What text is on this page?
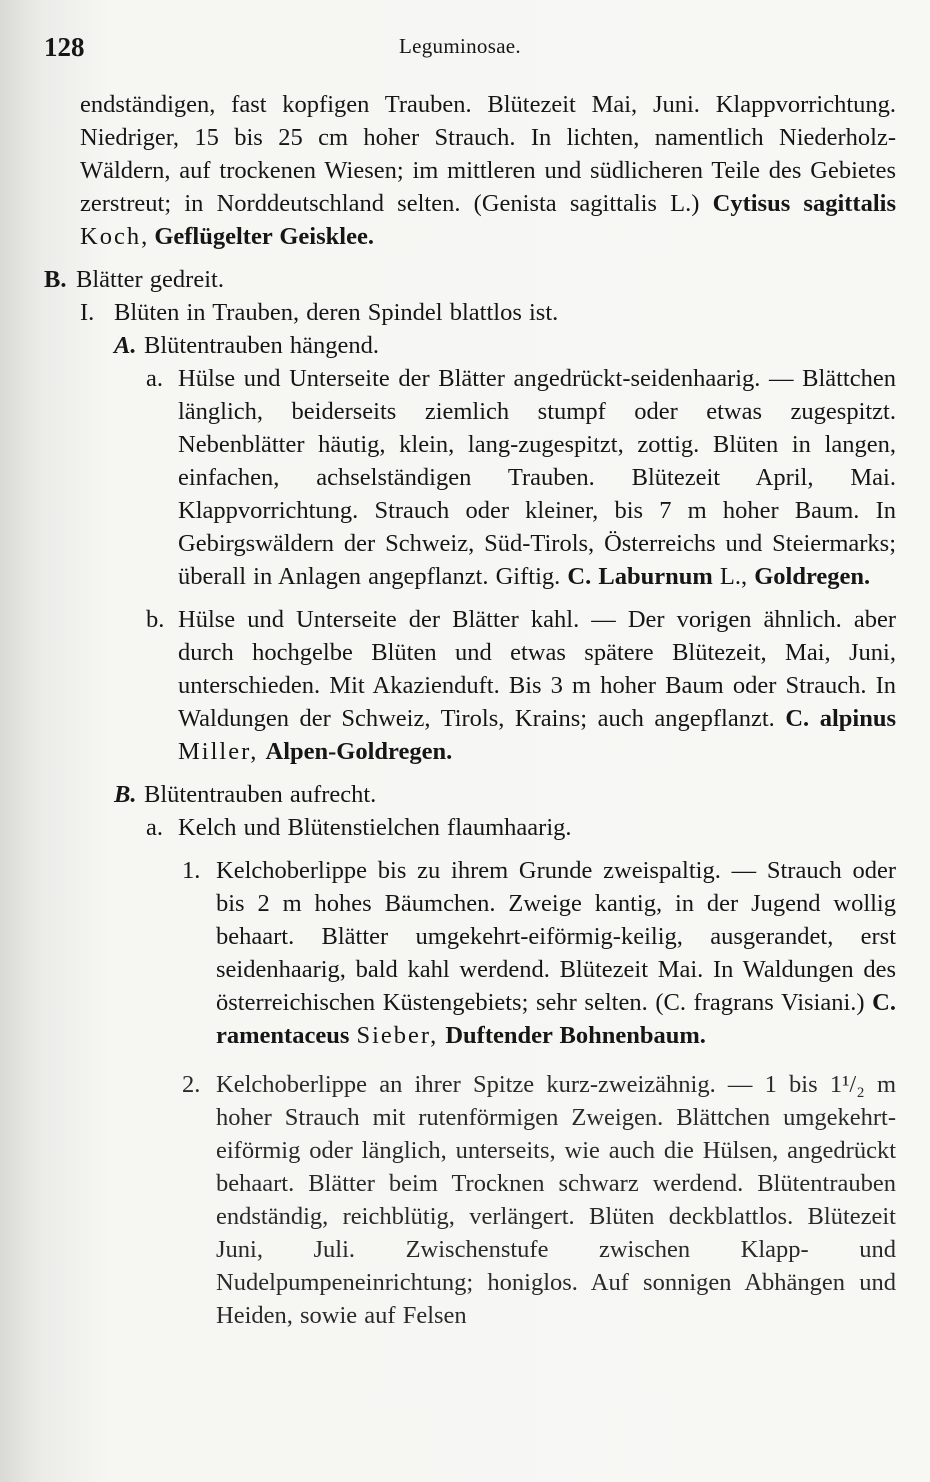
128	Leguminosae.
endständigen, fast kopfigen Trauben. Blütezeit Mai, Juni. Klappvorrichtung. Niedriger, 15 bis 25 cm hoher Strauch. In lichten, namentlich Niederholz-Wäldern, auf trockenen Wiesen; im mittleren und südlicheren Teile des Gebietes zerstreut; in Norddeutschland selten. (Genista sagittalis L.) Cytisus sagittalis Koch, Geflügelter Geisklee.
B. Blätter gedreit.
I. Blüten in Trauben, deren Spindel blattlos ist.
A. Blütentrauben hängend.
a. Hülse und Unterseite der Blätter angedrückt-seidenhaarig. — Blättchen länglich, beiderseits ziemlich stumpf oder etwas zugespitzt. Nebenblätter häutig, klein, lang-zugespitzt, zottig. Blüten in langen, einfachen, achselständigen Trauben. Blütezeit April, Mai. Klappvorrichtung. Strauch oder kleiner, bis 7 m hoher Baum. In Gebirgswäldern der Schweiz, Süd-Tirols, Österreichs und Steiermarks; überall in Anlagen angepflanzt. Giftig. C. Laburnum L., Goldregen.
b. Hülse und Unterseite der Blätter kahl. — Der vorigen ähnlich. aber durch hochgelbe Blüten und etwas spätere Blütezeit, Mai, Juni, unterschieden. Mit Akazienduft. Bis 3 m hoher Baum oder Strauch. In Waldungen der Schweiz, Tirols, Krains; auch angepflanzt. C. alpinus Miller, Alpen-Goldregen.
B. Blütentrauben aufrecht.
a. Kelch und Blütenstielchen flaumhaarig.
1. Kelchoberlippe bis zu ihrem Grunde zweispaltig. — Strauch oder bis 2 m hohes Bäumchen. Zweige kantig, in der Jugend wollig behaart. Blätter umgekehrt-eiförmig-keilig, ausgerandet, erst seidenhaarig, bald kahl werdend. Blütezeit Mai. In Waldungen des österreichischen Küstengebiets; sehr selten. (C. fragrans Visiani.) C. ramentaceus Sieber, Duftender Bohnenbaum.
2. Kelchoberlippe an ihrer Spitze kurz-zweizähnig. — 1 bis 1¹/₂ m hoher Strauch mit rutenförmigen Zweigen. Blättchen umgekehrt-eiförmig oder länglich, unterseits, wie auch die Hülsen, angedrückt behaart. Blätter beim Trocknen schwarz werdend. Blütentrauben endständig, reichblütig, verlängert. Blüten deckblattlos. Blütezeit Juni, Juli. Zwischenstufe zwischen Klapp- und Nudelpumpeneinrichtung; honiglos. Auf sonnigen Abhängen und Heiden, sowie auf Felsen
